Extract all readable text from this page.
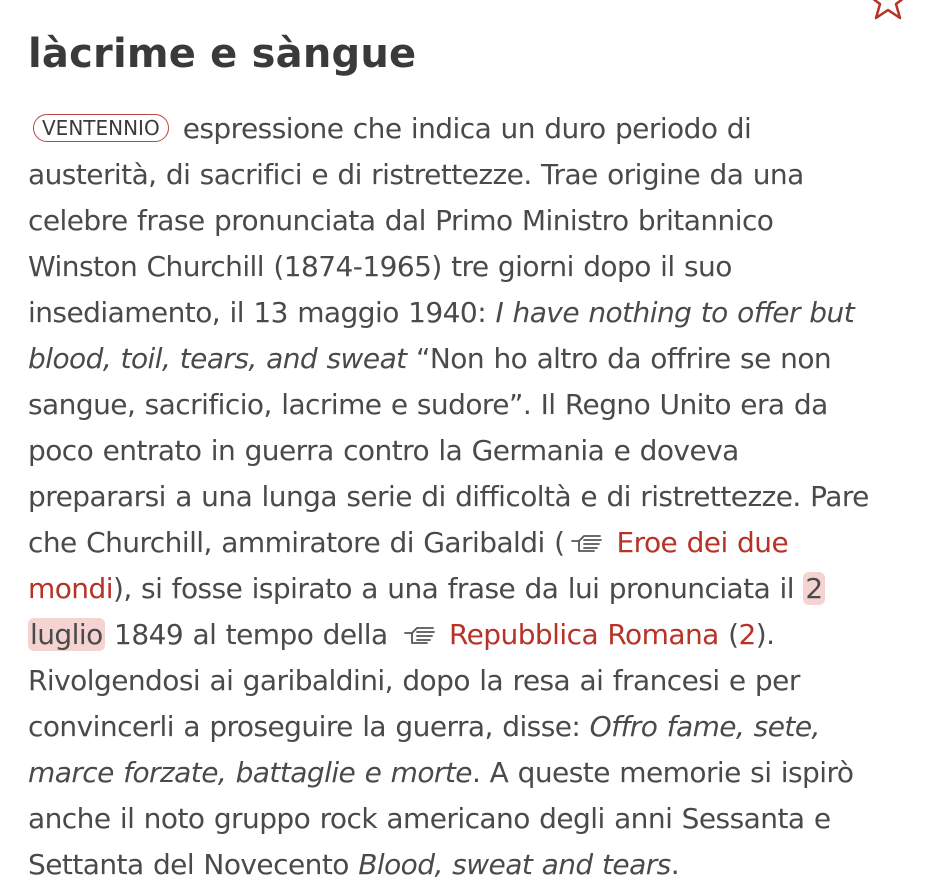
làcrime e sàngue
VENTENNIO espressione che indica un duro periodo di
austerità, di sacrifici e di ristrettezze. Trae origine da una
celebre frase pronunciata dal Primo Ministro britannico
Winston Churchill (1874-1965) tre giorni dopo il suo
insediamento, il 13 maggio 1940: I have nothing to offer but
blood, toil, tears, and sweat “Non ho altro da offrire se non
sangue, sacrificio, lacrime e sudore”. Il Regno Unito era da
poco entrato in guerra contro la Germania e doveva
prepararsi a una lunga serie di difficoltà e di ristrettezze. Pare
che Churchill, ammiratore di Garibaldi ( Eroe dei due
mondi), si fosse ispirato a una frase da lui pronunciata il 2
luglio 1849 al tempo della
Repubblica Romana (2).
Rivolgendosi ai garibaldini, dopo la resa ai francesi e per
convincerli a proseguire la guerra, disse: Offro fame, sete,
marce forzate, battaglie e morte. A queste memorie si ispirò
anche il noto gruppo rock americano degli anni Sessanta e
Settanta del Novecento Blood, sweat and tears.
